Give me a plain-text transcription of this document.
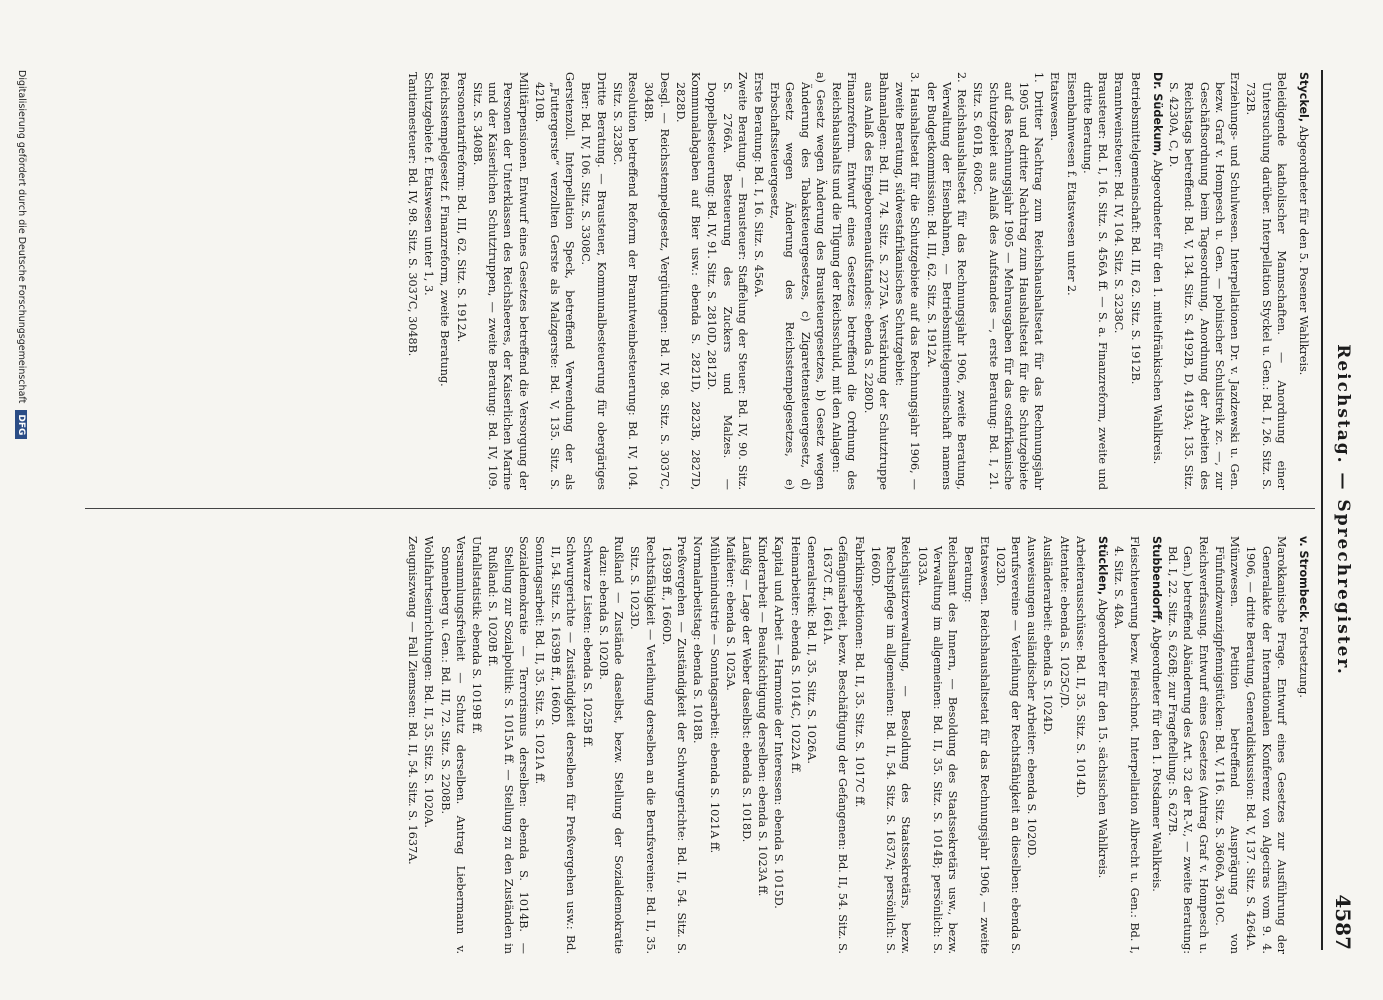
Reichstag. — Sprechregister.
4587

Styckel, Abgeordneter für den 5. Posener Wahlkreis.

Beleidigende katholischer Mannschaften. — Anordnung einer Untersuchung darüber. Interpellation Styckel u. Gen.: Bd. I, 26. Sitz. S. 732B.

Erziehungs- und Schulwesen. Interpellationen Dr. v. Jazdzewski u. Gen. bezw. Graf v. Hompesch u. Gen. — polnischer Schulstreik zc. —, zur Geschäftsordnung beim Tagesordnung, Anordnung der Arbeiten des Reichstags betreffend: Bd. V, 134. Sitz. S. 4192B, D, 4193A; 135. Sitz. S. 4230A, C, D.

Dr. Südekum, Abgeordneter für den 1. mittelfränkischen Wahlkreis.

Betriebsmittelgemeinschaft: Bd. III, 62. Sitz. S. 1912B.

Branntweinsteuer: Bd. IV, 104. Sitz. S. 3238C.

Brausteuer: Bd. I, 16. Sitz. S. 456A ff. — S. a. Finanzreform, zweite und dritte Beratung.

Eisenbahnwesen f. Etatswesen unter 2.

Etatswesen.

1. Dritter Nachtrag zum Reichshaushaltsetat für das Rechnungsjahr 1905 und dritter Nachtrag zum Haushaltsetat für die Schutzgebiete auf das Rechnungsjahr 1905 — Mehrausgaben für das ostafrikanische Schutzgebiet aus Anlaß des Aufstandes —, erste Beratung: Bd. I, 21. Sitz. S. 601B, 608C.

2. Reichshaushaltsetat für das Rechnungsjahr 1906, zweite Beratung, Verwaltung der Eisenbahnen, — Betriebsmittelgemeinschaft namens der Budgetkommission: Bd. III, 62. Sitz. S. 1912A.

3. Haushaltsetat für die Schutzgebiete auf das Rechnungsjahr 1906, — zweite Beratung, südwestafrikanisches Schutzgebiet:

Bahnanlagen: Bd. III, 74. Sitz. S. 2275A. Verstärkung der Schutztruppe aus Anlaß des Eingeborenenaufstandes: ebenda S. 2280D.

Finanzreform. Entwurf eines Gesetzes betreffend die Ordnung des Reichshaushalts und die Tilgung der Reichsschuld, mit den Anlagen:

a) Gesetz wegen Änderung des Brausteuergesetzes, b) Gesetz wegen Änderung des Tabaksteuergesetzes, c) Zigarettensteuergesetz, d) Gesetz wegen Änderung des Reichsstempelgesetzes, e) Erbschaftssteuergesetz,

Erste Beratung: Bd. I, 16. Sitz. S. 456A.

Zweite Beratung. — Brausteuer: Staffelung der Steuer: Bd. IV, 90. Sitz. S. 2766A. Besteuerung des Zuckers und Malzes. — Doppelbesteuerung: Bd. IV, 91. Sitz. S. 2810D, 2812D.

Kommunalabgaben auf Bier usw.: ebenda S. 2821D, 2823B, 2827D, 2828D.

Desgl. — Reichsstempelgesetz, Vergütungen: Bd. IV, 98. Sitz. S. 3037C, 3048B.

Resolution betreffend Reform der Branntweinbesteuerung: Bd. IV, 104. Sitz. S. 3238C.

Dritte Beratung. — Brausteuer, Kommunalbesteuerung für obergäriges Bier: Bd. IV, 106. Sitz. S. 3308C.

Gerstenzoll. Interpellation Speck, betreffend Verwendung der als „Futtergerste“ verzollten Gerste als Malzgerste: Bd. V, 135. Sitz. S. 4210B.

Militärpensionen. Entwurf eines Gesetzes betreffend die Versorgung der Personen der Unterklassen des Reichsheeres, der Kaiserlichen Marine und der Kaiserlichen Schutztruppen, — zweite Beratung: Bd. IV, 109. Sitz. S. 3408B.

Personentarifreform: Bd. III, 62. Sitz. S. 1912A.

Reichsstempelgesetz f. Finanzreform, zweite Beratung.

Schutzgebiete f. Etatswesen unter 1, 3.

Tantiemesteuer: Bd. IV, 98. Sitz. S. 3037C, 3048B.

v. Strombeck. Fortsetzung.

Marokkanische Frage. Entwurf eines Gesetzes zur Ausführung der Generalakte der Internationalen Konferenz von Algeciras vom 9. 4. 1906, — dritte Beratung, Generaldiskussion: Bd. V, 137. Sitz. S. 4264A.

Münzwesen. Petition betreffend Ausprägung von Fünfundzwanzigpfennigstücken: Bd. V, 116. Sitz. S. 3606A, 3610C.

Reichsverfassung. Entwurf eines Gesetzes (Antrag Graf v. Hompesch u. Gen.) betreffend Abänderung des Art. 32 der R.-V., — zweite Beratung: Bd. I, 22. Sitz. S. 626B; zur Frageftellung: S. 627B.

Stubbendorff, Abgeordneter für den 1. Potsdamer Wahlkreis.

Fleischteuerung bezw. Fleischnot. Interpellation Albrecht u. Gen.: Bd. I, 4. Sitz. S. 48A.

Stücklen, Abgeordneter für den 15. sächsischen Wahlkreis.

Arbeiterausschüsse: Bd. II, 35. Sitz. S. 1014D.

Attentate: ebenda S. 1025C/D.

Ausländerarbeit: ebenda S. 1024D.

Ausweisungen ausländischer Arbeiter: ebenda S. 1020D.

Berufsvereine — Verleihung der Rechtsfähigkeit an dieselben: ebenda S. 1023D.

Etatswesen. Reichshaushaltsetat für das Rechnungsjahr 1906, — zweite Beratung:

Reichsamt des Innern, — Besoldung des Staatssekretärs usw., bezw. Verwaltung im allgemeinen: Bd. II, 35. Sitz. S. 1014B; persönlich: S. 1033A.

Reichsjustizverwaltung, — Besoldung des Staatssekretärs, bezw. Rechtspflege im allgemeinen: Bd. II, 54. Sitz. S. 1637A; persönlich: S. 1660D.

Fabrikinspektionen: Bd. II, 35. Sitz. S. 1017C ff.

Gefängnisarbeit, bezw. Beschäftigung der Gefangenen: Bd. II, 54. Sitz. S. 1637C ff., 1661A.

Generalstreik: Bd. II, 35. Sitz. S. 1026A.

Heimarbeiter: ebenda S. 1014C, 1022A ff.

Kapital und Arbeit — Harmonie der Interessen: ebenda S. 1015D.

Kinderarbeit — Beaufsichtigung derselben: ebenda S. 1023A ff.

Laußig — Lage der Weber daselbst: ebenda S. 1018D.

Maifeier: ebenda S. 1025A.

Mühlenindustrie — Sonntagsarbeit: ebenda S. 1021A ff.

Normalarbeitstag: ebenda S. 1018B.

Preßvergehen — Zuständigkeit der Schwurgerichte: Bd. II, 54. Sitz. S. 1639B ff., 1660D.

Rechtsfähigkeit — Verleihung derselben an die Berufsvereine: Bd. II, 35. Sitz. S. 1023D.

Rußland — Zustände daselbst, bezw. Stellung der Sozialdemokratie dazu: ebenda S. 1020B.

Schwarze Listen: ebenda S. 1025B ff.

Schwurgerichte — Zuständigkeit derselben für Preßvergehen usw.: Bd. II, 54. Sitz. S. 1639B ff., 1660D.

Sonntagsarbeit: Bd. II, 35. Sitz. S. 1021A ff.

Sozialdemokratie — Terrorismus derselben: ebenda S. 1014B. — Stellung zur Sozialpolitik: S. 1015A ff. — Stellung zu den Zuständen in Rußland: S. 1020B ff.

Unfallstatistik: ebenda S. 1019B ff.

Versammlungsfreiheit — Schutz derselben. Antrag Liebermann v. Sonnenberg u. Gen.: Bd. III, 72. Sitz. S. 2208B.

Wohlfahrtseinrichtungen: Bd. II, 35. Sitz. S. 1020A.

Zeugniszwang — Fall Ziemssen: Bd. II, 54. Sitz. S. 1637A.

Digitalisierung gefördert durch die Deutsche Forschungsgemeinschaft DFG
